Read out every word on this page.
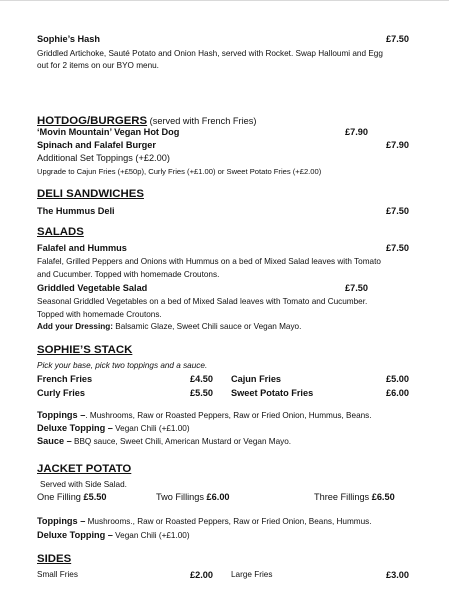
Sophie’s Hash	£7.50
Griddled Artichoke, Sauté Potato and Onion Hash, served with Rocket. Swap Halloumi and Egg
out for 2 items on our BYO menu.
HOTDOG/BURGERS (served with French Fries)
‘Movin Mountain’ Vegan Hot Dog	£7.90
Spinach and Falafel Burger	£7.90
Additional Set Toppings (+£2.00)
Upgrade to Cajun Fries (+£50p), Curly Fries (+£1.00) or Sweet Potato Fries (+£2.00)
DELI SANDWICHES
The Hummus Deli	£7.50
SALADS
Falafel and Hummus	£7.50
Falafel, Grilled Peppers and Onions with Hummus on a bed of Mixed Salad leaves with Tomato
and Cucumber. Topped with homemade Croutons.
Griddled Vegetable Salad	£7.50
Seasonal Griddled Vegetables on a bed of Mixed Salad leaves with Tomato and Cucumber.
Topped with homemade Croutons.
Add your Dressing: Balsamic Glaze, Sweet Chili sauce or Vegan Mayo.
SOPHIE’S STACK
Pick your base, pick two toppings and a sauce.
French Fries	£4.50 Cajun Fries	£5.00
Curly Fries	£5.50 Sweet Potato Fries	£6.00
Toppings –. Mushrooms, Raw or Roasted Peppers, Raw or Fried Onion, Hummus, Beans.
Deluxe Topping – Vegan Chili (+£1.00)
Sauce – BBQ sauce, Sweet Chili, American Mustard or Vegan Mayo.
JACKET POTATO
Served with Side Salad.
One Filling £5.50	Two Fillings £6.00	Three Fillings £6.50
Toppings – Mushrooms., Raw or Roasted Peppers, Raw or Fried Onion, Beans, Hummus.
Deluxe Topping – Vegan Chili (+£1.00)
SIDES
Small Fries	£2.00 Large Fries	£3.00
